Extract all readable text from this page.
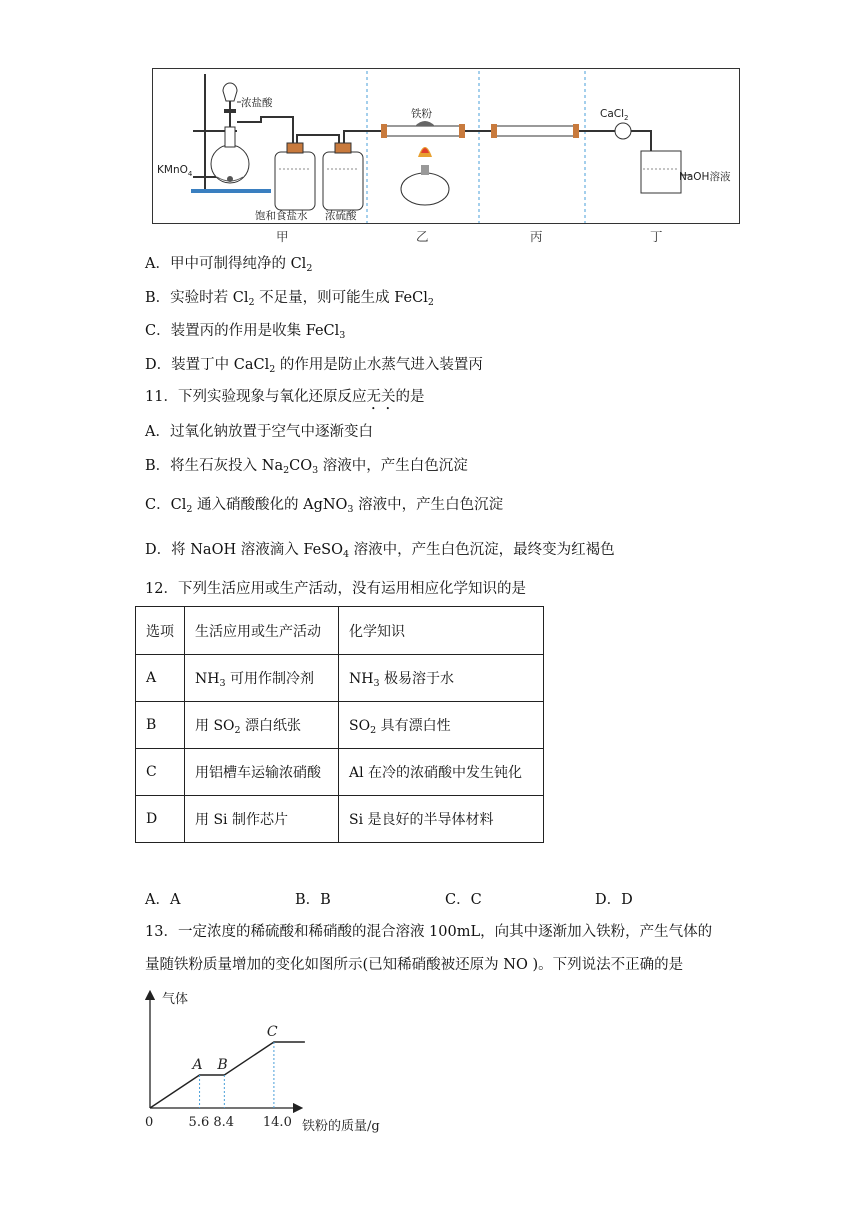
浓盐酸
KMnO$_4$
饱和食盐水 浓硫酸
铁粉	CaCl$_2$
NaOH溶液
甲	乙	丙	丁
A．甲中可制得纯净的 $Cl_2$
B．实验时若 $Cl_2$ 不足量，则可能生成 FeCl$_2$
C．装置丙的作用是收集 FeCl$_3$
D．装置丁中 CaCl$_2$ 的作用是防止水蒸气进入装置丙
11．下列实验现象与氧化还原反应无关的是
A．过氧化钠放置于空气中逐渐变白
B．将生石灰投入 $Na_2CO_3$ 溶液中，产生白色沉淀
C．$Cl_2$ 通入硝酸酸化的 AgNO$_3$ 溶液中，产生白色沉淀
D．将 NaOH 溶液滴入 FeSO$_4$ 溶液中，产生白色沉淀，最终变为红褐色
12．下列生活应用或生产活动，没有运用相应化学知识的是
选项	生活应用或生产活动	化学知识
A	$NH_3$ 可用作制冷剂	$NH_3$ 极易溶于水
B	用 $SO_2$ 漂白纸张	$SO_2$ 具有漂白性
C	用铝槽车运输浓硝酸	Al 在冷的浓硝酸中发生钝化
D	用 Si 制作芯片	Si 是良好的半导体材料
A．A	B．B	C．C	D．D
13．一定浓度的稀硫酸和稀硝酸的混合溶液 100mL，向其中逐渐加入铁粉，产生气体的
量随铁粉质量增加的变化如图所示(已知稀硝酸被还原为 NO )。下列说法不正确的是
气体
铁粉的质量/g
0	5.6 8.4 14.0
A B
C
